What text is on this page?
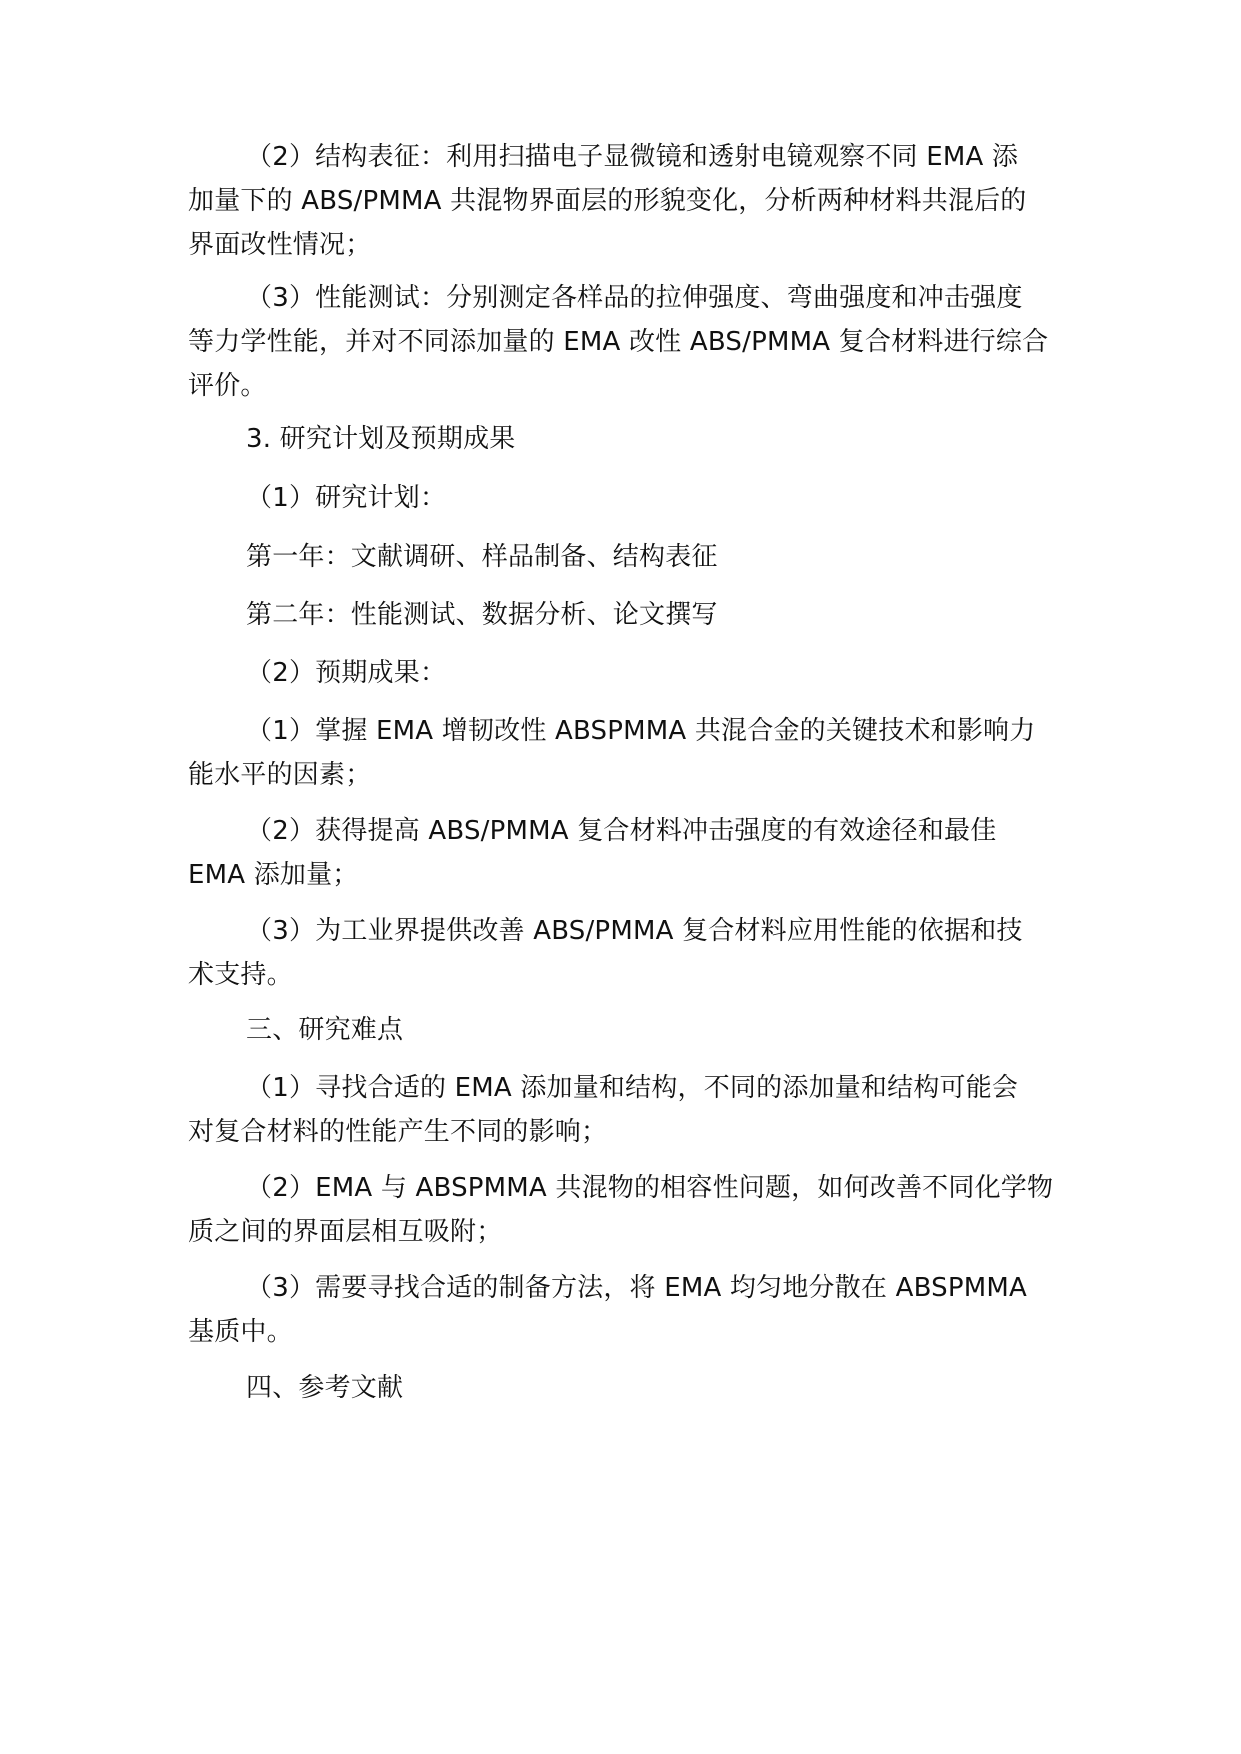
（2）结构表征：利用扫描电子显微镜和透射电镜观察不同 EMA 添
加量下的 ABS/PMMA 共混物界面层的形貌变化，分析两种材料共混后的
界面改性情况；
（3）性能测试：分别测定各样品的拉伸强度、弯曲强度和冲击强度
等力学性能，并对不同添加量的 EMA 改性 ABS/PMMA 复合材料进行综合
评价。
3. 研究计划及预期成果
（1）研究计划：
第一年：文献调研、样品制备、结构表征
第二年：性能测试、数据分析、论文撰写
（2）预期成果：
（1）掌握 EMA 增韧改性 ABSPMMA 共混合金的关键技术和影响力
能水平的因素；
（2）获得提高 ABS/PMMA 复合材料冲击强度的有效途径和最佳
EMA 添加量；
（3）为工业界提供改善 ABS/PMMA 复合材料应用性能的依据和技
术支持。
三、研究难点
（1）寻找合适的 EMA 添加量和结构，不同的添加量和结构可能会
对复合材料的性能产生不同的影响；
（2）EMA 与 ABSPMMA 共混物的相容性问题，如何改善不同化学物
质之间的界面层相互吸附；
（3）需要寻找合适的制备方法，将 EMA 均匀地分散在 ABSPMMA
基质中。
四、参考文献
